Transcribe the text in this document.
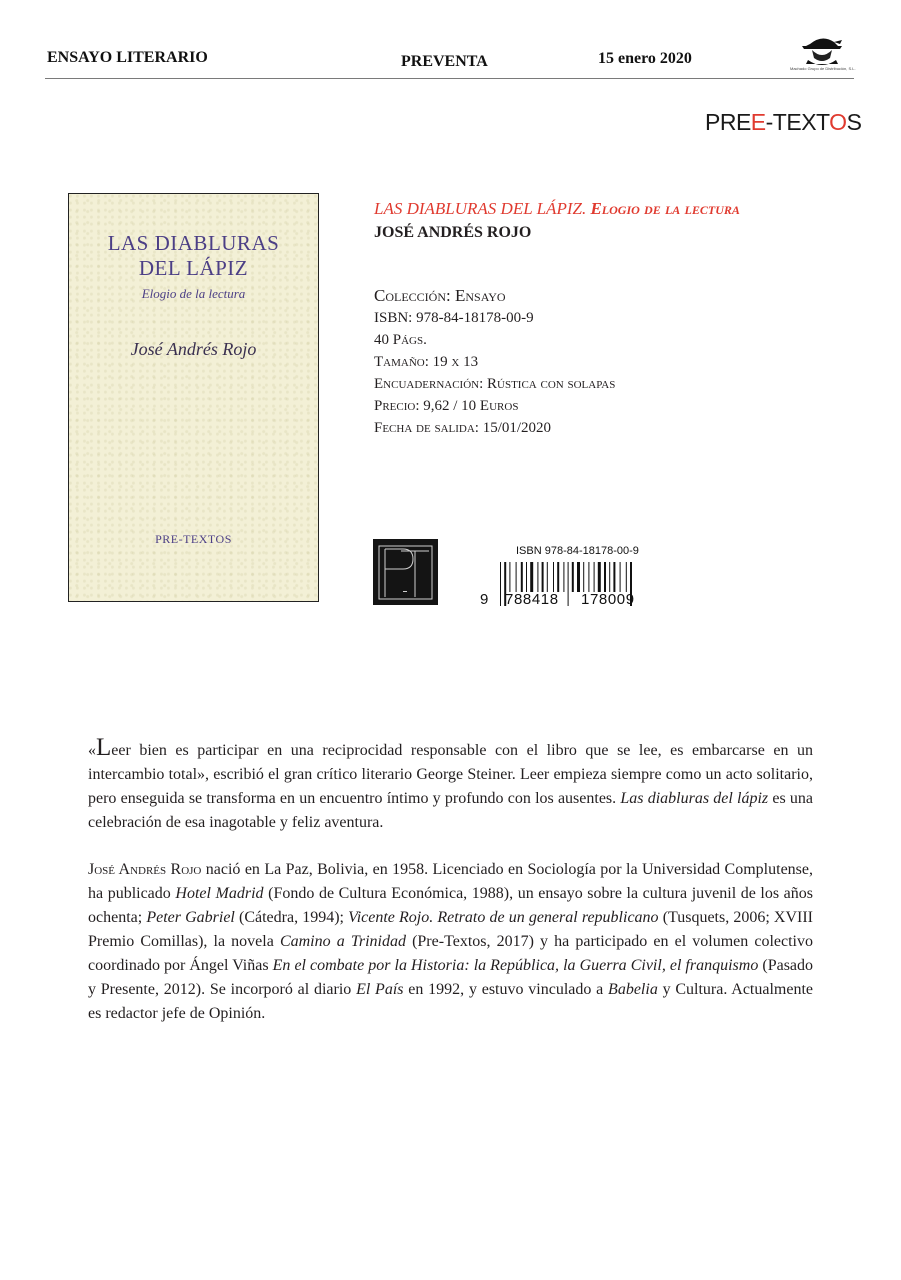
ENSAYO LITERARIO	PREVENTA	15 enero 2020
Machado Grupo de Distribución, S.L.
PREE-TEXTOS
LAS DIABLURAS
DEL LÁPIZ
Elogio de la lectura
José Andrés Rojo
PRE-TEXTOS
LAS DIABLURAS DEL LÁPIZ. Elogio de la lectura
JOSÉ ANDRÉS ROJO
Colección: Ensayo
ISBN: 978-84-18178-00-9
40 Págs.
Tamaño: 19 x 13
Encuadernación: Rústica con solapas
Precio: 9,62 / 10 Euros
Fecha de salida: 15/01/2020
ISBN 978-84-18178-00-9
9 788418 178009
«Leer bien es participar en una reciprocidad responsable con el libro que se lee, es embarcarse en un intercambio total», escribió el gran crítico literario George Steiner. Leer empieza siempre como un acto solitario, pero enseguida se transforma en un encuentro íntimo y profundo con los ausentes. Las diabluras del lápiz es una celebración de esa inagotable y feliz aventura.
José Andrés Rojo nació en La Paz, Bolivia, en 1958. Licenciado en Sociología por la Universidad Complutense, ha publicado Hotel Madrid (Fondo de Cultura Económica, 1988), un ensayo sobre la cultura juvenil de los años ochenta; Peter Gabriel (Cátedra, 1994); Vicente Rojo. Retrato de un general republicano (Tusquets, 2006; XVIII Premio Comillas), la novela Camino a Trinidad (Pre-Textos, 2017) y ha participado en el volumen colectivo coordinado por Ángel Viñas En el combate por la Historia: la República, la Guerra Civil, el franquismo (Pasado y Presente, 2012). Se incorporó al diario El País en 1992, y estuvo vinculado a Babelia y Cultura. Actualmente es redactor jefe de Opinión.
